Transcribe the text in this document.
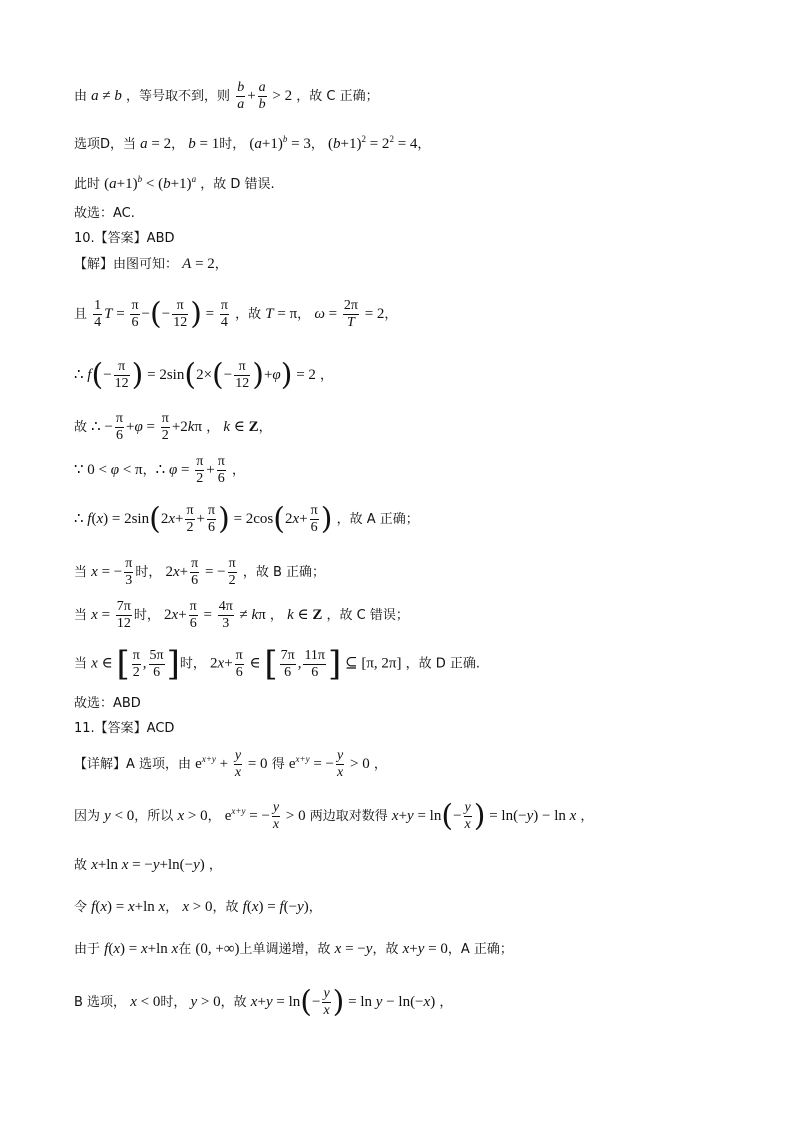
由 a ≠ b ，等号取不到，则 $\frac{b}{a} + \frac{a}{b} > 2$ ，故 C 正确；
选项D，当 a = 2， b = 1时， $(a+1)^b = 3$， $(b+1)^2 = 2^2 = 4$，
此时 $(a+1)^b < (b+1)^a$ ，故 D 错误.
故选：AC.
10.【答案】ABD
【解】由图可知： A = 2，
且 $\frac{1}{4}$ $T = \frac{\pi}{6}$ −(− $\frac{\pi}{12}$ ) = $\frac{\pi}{4}$ ，故 T = π， $\omega = \frac{2\pi}{T} = 2$，
∴ $f(- \frac{\pi}{12}$ ) = $2\sin(2\times(- \frac{\pi}{12} )+\varphi) = 2$ ，
故 ∴ − $\frac{\pi}{6} +\varphi = \frac{\pi}{2} +2k\pi$ ， k ∈ Z，
∵ 0 < φ < π，∴ $\varphi = \frac{\pi}{2} + \frac{\pi}{6}$ ，
∴ $f(x) = 2\sin(2x+ \frac{\pi}{2} + \frac{\pi}{6}$ ) = $2\cos(2x+ \frac{\pi}{6}$ ) ，故 A 正确；
当 x = − $\frac{\pi}{3}$ 时， $2x+ \frac{\pi}{6}$ = − $\frac{\pi}{2}$ ，故 B 正确；
当 $x = \frac{7\pi}{12}$ 时， $2x+ \frac{\pi}{6} = \frac{4\pi}{3} \ne k\pi$ ， k ∈ Z ，故 C 错误；
当 x ∈ [ $\frac{\pi}{2}$ , $\frac{5\pi}{6}$ ]时， $2x+ \frac{\pi}{6}$ ∈ [ $\frac{7\pi}{6}$ , $\frac{11\pi}{6}$ ] ⊆ [π, 2π] ，故 D 正确.
故选：ABD
11.【答案】ACD
【详解】A 选项，由 $e^{x+y} + \frac{y}{x} = 0$ 得 $e^{x+y}$ = − $\frac{y}{x} > 0$ ，
因为 y < 0，所以 x > 0， $e^{x+y}$ = − $\frac{y}{x} > 0$ 两边取对数得 $x+y = \ln(- \frac{y}{x}$ ) = ln(−y) − ln x ，
故 x+ln x = −y+ln(−y) ，
令 f(x) = x+ln x， x > 0，故 f(x) = f(−y)，
由于 f(x) = x+ln x在 (0, +∞)上单调递增，故 x = −y，故 x+y = 0，A 正确；
B 选项， x < 0时， y > 0，故 $x+y = \ln(- \frac{y}{x}$ ) = ln y − ln(−x) ，
